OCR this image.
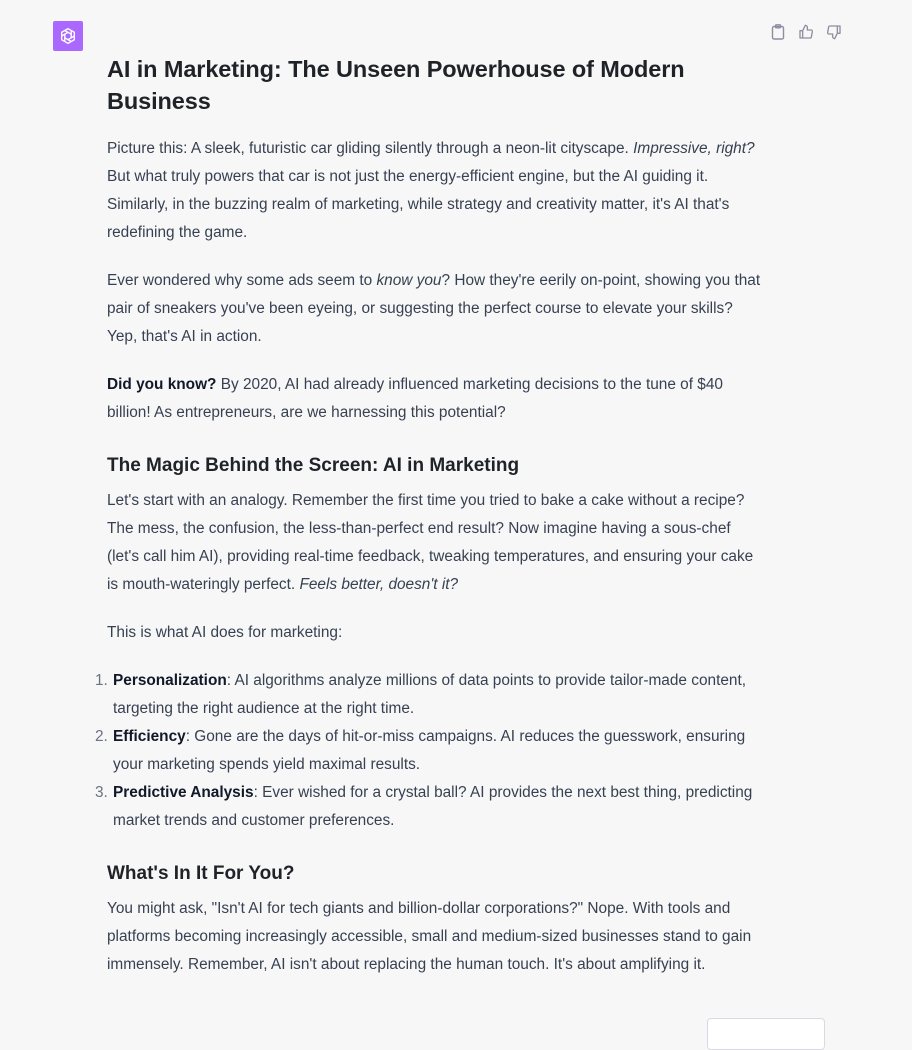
AI in Marketing: The Unseen Powerhouse of Modern Business

Picture this: A sleek, futuristic car gliding silently through a neon-lit cityscape. Impressive, right? But what truly powers that car is not just the energy-efficient engine, but the AI guiding it. Similarly, in the buzzing realm of marketing, while strategy and creativity matter, it's AI that's redefining the game.

Ever wondered why some ads seem to know you? How they're eerily on-point, showing you that pair of sneakers you've been eyeing, or suggesting the perfect course to elevate your skills? Yep, that's AI in action.

Did you know? By 2020, AI had already influenced marketing decisions to the tune of $40 billion! As entrepreneurs, are we harnessing this potential?

The Magic Behind the Screen: AI in Marketing

Let's start with an analogy. Remember the first time you tried to bake a cake without a recipe? The mess, the confusion, the less-than-perfect end result? Now imagine having a sous-chef (let's call him AI), providing real-time feedback, tweaking temperatures, and ensuring your cake is mouth-wateringly perfect. Feels better, doesn't it?

This is what AI does for marketing:

1. Personalization: AI algorithms analyze millions of data points to provide tailor-made content, targeting the right audience at the right time.
2. Efficiency: Gone are the days of hit-or-miss campaigns. AI reduces the guesswork, ensuring your marketing spends yield maximal results.
3. Predictive Analysis: Ever wished for a crystal ball? AI provides the next best thing, predicting market trends and customer preferences.
What's In It For You?

You might ask, "Isn't AI for tech giants and billion-dollar corporations?" Nope. With tools and platforms becoming increasingly accessible, small and medium-sized businesses stand to gain immensely. Remember, AI isn't about replacing the human touch. It's about amplifying it.
